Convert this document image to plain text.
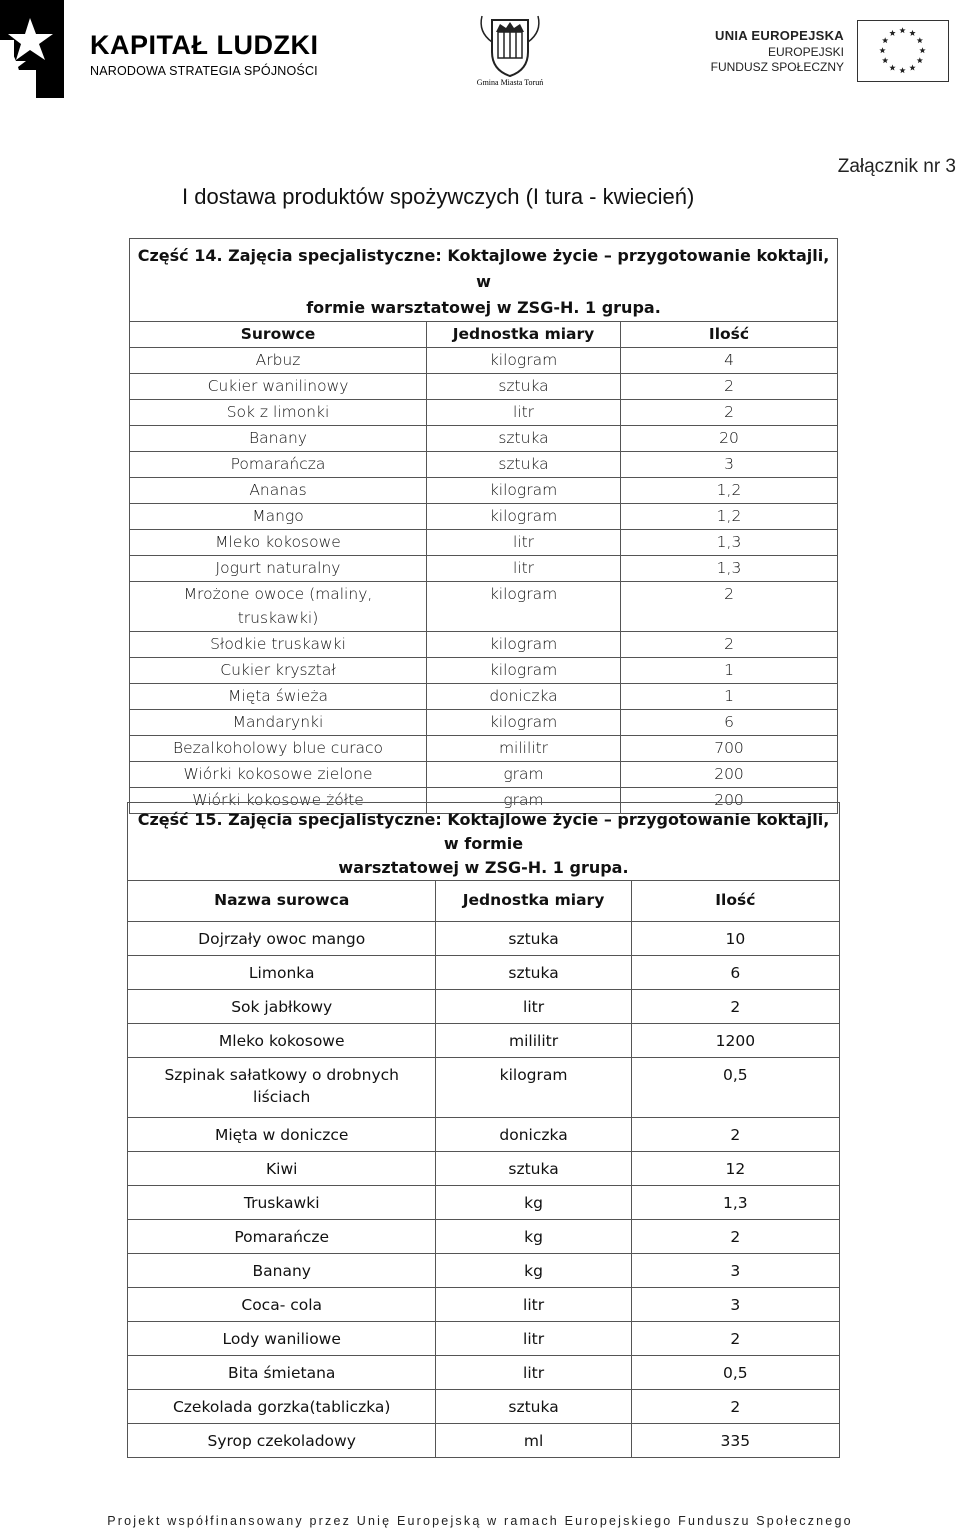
KAPITAŁ LUDZKI
NARODOWA STRATEGIA SPÓJNOŚCI
Gmina Miasta Toruń
UNIA EUROPEJSKA
EUROPEJSKI
FUNDUSZ SPOŁECZNY
Załącznik nr 3
I dostawa produktów spożywczych (I tura - kwiecień)
Część 14. Zajęcia specjalistyczne: Koktajlowe życie – przygotowanie koktajli, w
formie warsztatowej w ZSG-H. 1 grupa.		

Surowce	Jednostka miary	Ilość
Arbuz	kilogram	4
Cukier wanilinowy	sztuka	2
Sok z limonki	litr	2
Banany	sztuka	20
Pomarańcza	sztuka	3
Ananas	kilogram	1,2
Mango	kilogram	1,2
Mleko kokosowe	litr	1,3
Jogurt naturalny	litr	1,3
Mrożone owoce (maliny, truskawki)	kilogram	2
Słodkie truskawki	kilogram	2
Cukier kryształ	kilogram	1
Mięta świeża	doniczka	1
Mandarynki	kilogram	6
Bezalkoholowy blue curaco	mililitr	700
Wiórki kokosowe zielone	gram	200
Wiórki kokosowe żółte	gram	200
Część 15. Zajęcia specjalistyczne: Koktajlowe życie – przygotowanie koktajli, w formie
warsztatowej w ZSG-H. 1 grupa.		

Nazwa surowca	Jednostka miary	Ilość
Dojrzały owoc mango	sztuka	10
Limonka	sztuka	6
Sok jabłkowy	litr	2
Mleko kokosowe	mililitr	1200
Szpinak sałatkowy o drobnych liściach	kilogram	0,5
Mięta w doniczce	doniczka	2
Kiwi	sztuka	12
Truskawki	kg	1,3
Pomarańcze	kg	2
Banany	kg	3
Coca- cola	litr	3
Lody waniliowe	litr	2
Bita śmietana	litr	0,5
Czekolada gorzka(tabliczka)	sztuka	2
Syrop czekoladowy	ml	335
Projekt współfinansowany przez Unię Europejską w ramach Europejskiego Funduszu Społecznego
